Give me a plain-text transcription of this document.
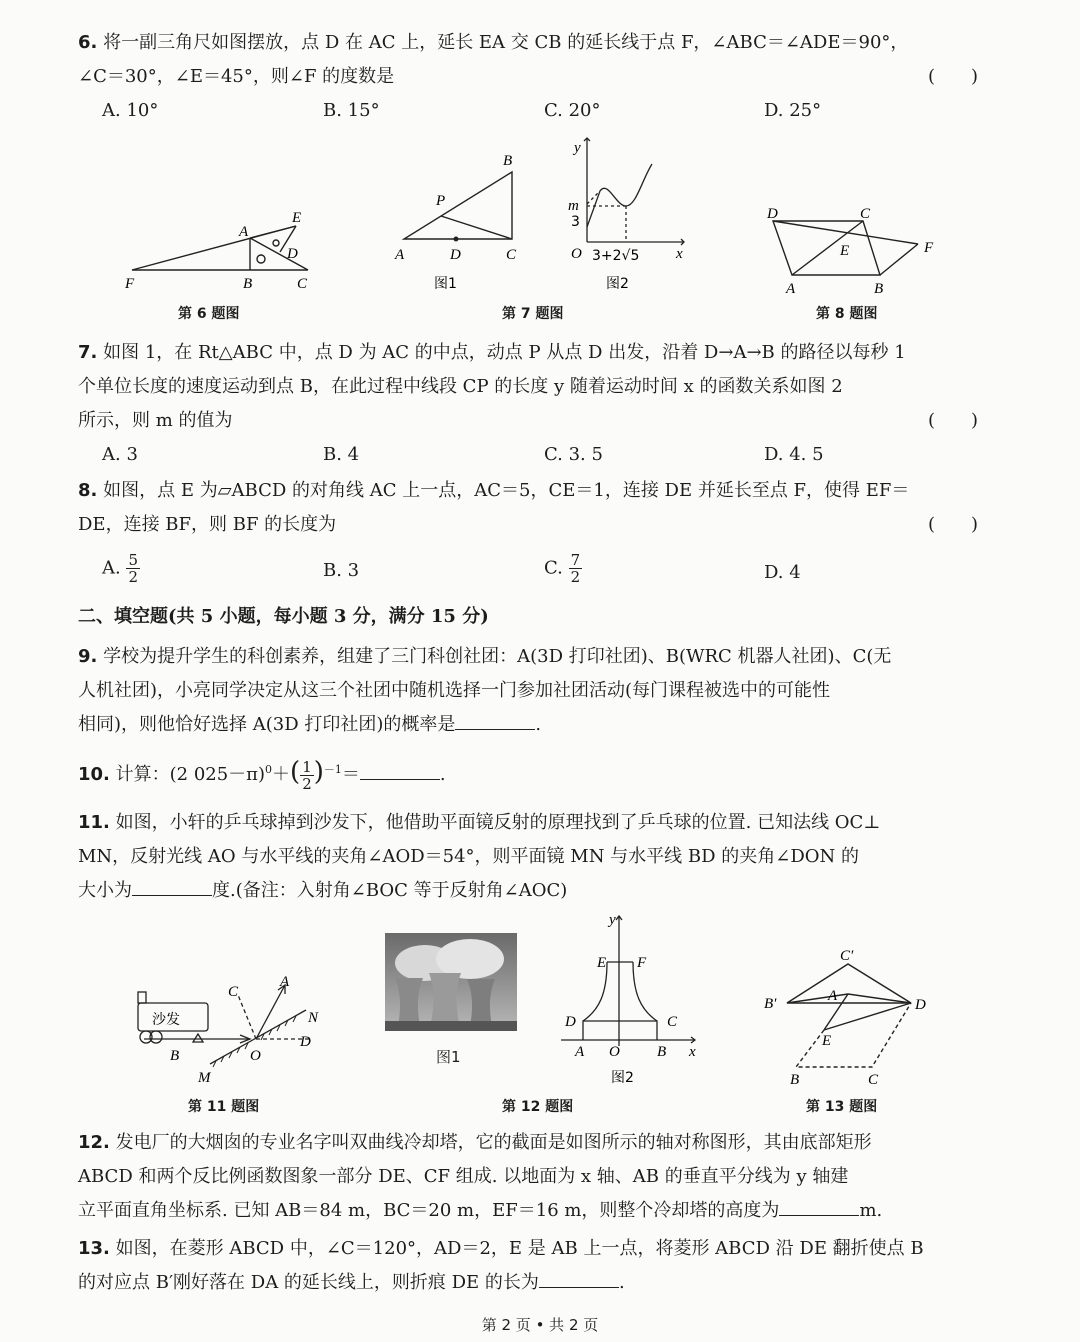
6. 将一副三角尺如图摆放，点 D 在 AC 上，延长 EA 交 CB 的延长线于点 F，∠ABC＝∠ADE＝90°，

∠C＝30°，∠E＝45°，则∠F 的度数是	(　　)

A. 10°	B. 15°	C. 20°	D. 25°
F
A
B	C
D
E
第 6 题图
A	D	C
B
P
图1
y
x
m
3
O 3+2√5
图2
第 7 题图
D	C
E	F
A	B
第 8 题图

7. 如图 1，在 Rt△ABC 中，点 D 为 AC 的中点，动点 P 从点 D 出发，沿着 D→A→B 的路径以每秒 1

个单位长度的速度运动到点 B，在此过程中线段 CP 的长度 y 随着运动时间 x 的函数关系如图 2

所示，则 m 的值为	(　　)

A. 3	B. 4	C. 3. 5	D. 4. 5

8. 如图，点 E 为▱ABCD 的对角线 AC 上一点，AC＝5，CE＝1，连接 DE 并延长至点 F，使得 EF＝

DE，连接 BF，则 BF 的长度为	(　　)

A. $\frac{5}{2}$	B. 3	C. $\frac{7}{2}$	D. 4
二、填空题(共 5 小题，每小题 3 分，满分 15 分)

9. 学校为提升学生的科创素养，组建了三门科创社团：A(3D 打印社团)、B(WRC 机器人社团)、C(无

人机社团)，小亮同学决定从这三个社团中随机选择一门参加社团活动(每门课程被选中的可能性

相同)，则他恰好选择 A(3D 打印社团)的概率是	.

10. 计算：(2 $025-\pi)^0+( \frac{1}{2} )^{-1}=$	.

11. 如图，小轩的乒乓球掉到沙发下，他借助平面镜反射的原理找到了乒乓球的位置. 已知法线 OC⊥

MN，反射光线 AO 与水平线的夹角∠AOD＝54°，则平面镜 MN 与水平线 BD 的夹角∠DON 的

大小为	度.(备注：入射角∠BOC 等于反射角∠AOC)

沙发
B	O
D
N
M
C
A
第 11 题图
图1
y
x
E F
D	C
A O B
图2
第 12 题图
C′
B′	A
D
E
B	C
第 13 题图

12. 发电厂的大烟囱的专业名字叫双曲线冷却塔，它的截面是如图所示的轴对称图形，其由底部矩形

ABCD 和两个反比例函数图象一部分 DE、CF 组成. 以地面为 x 轴、AB 的垂直平分线为 y 轴建

立平面直角坐标系. 已知 AB＝84 m，BC＝20 m，EF＝16 m，则整个冷却塔的高度为	m.

13. 如图，在菱形 ABCD 中，∠C＝120°，AD＝2，E 是 AB 上一点，将菱形 ABCD 沿 DE 翻折使点 B

的对应点 B′刚好落在 DA 的延长线上，则折痕 DE 的长为	.

第 2 页 • 共 2 页
